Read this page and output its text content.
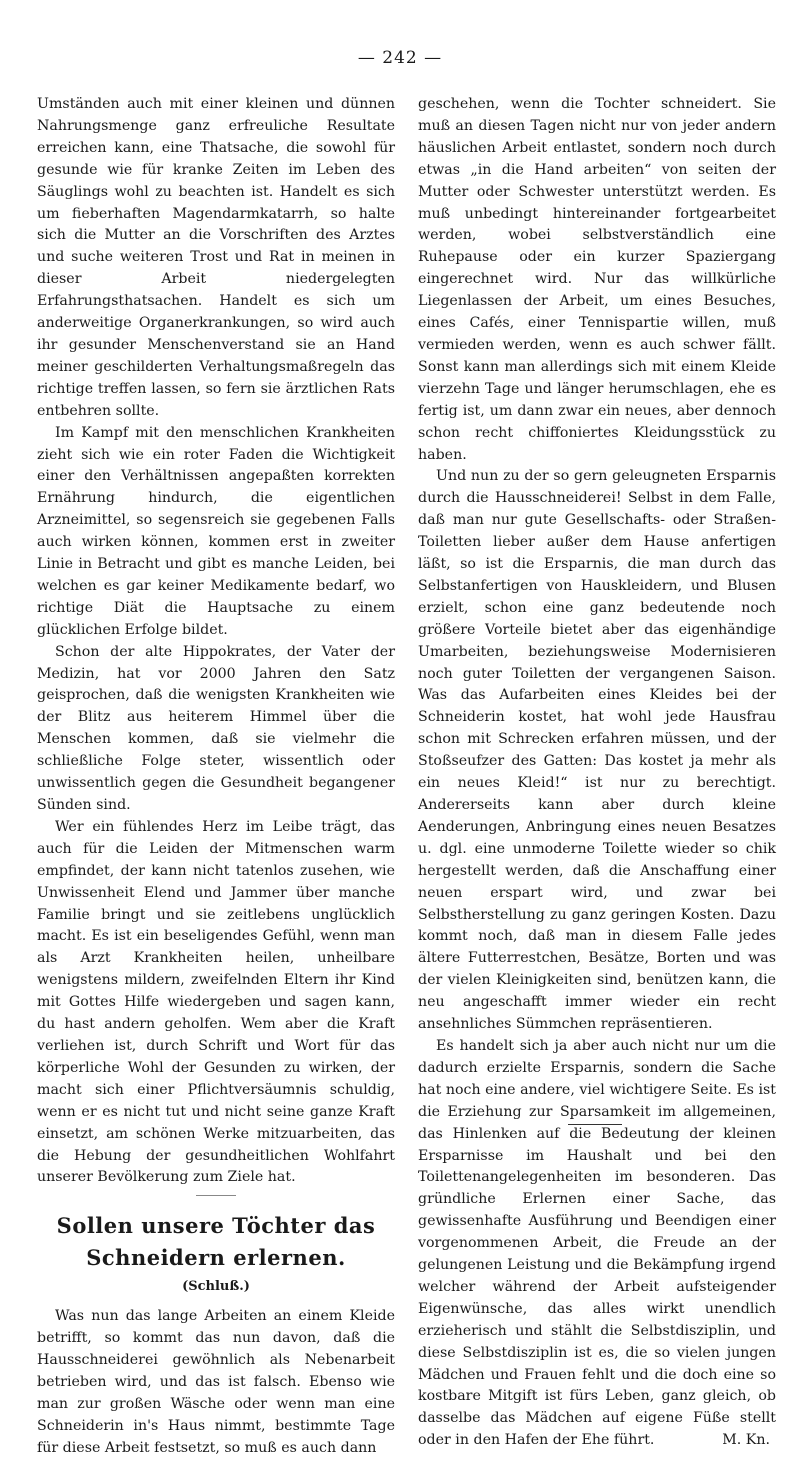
— 242 —

Umständen auch mit einer kleinen und dünnen Nahrungsmenge ganz erfreuliche Resultate erreichen kann, eine Thatsache, die sowohl für gesunde wie für kranke Zeiten im Leben des Säuglings wohl zu beachten ist. Handelt es sich um fieberhaften Magendarmkatarrh, so halte sich die Mutter an die Vorschriften des Arztes und suche weiteren Trost und Rat in meinen in dieser Arbeit niedergelegten Erfahrungsthatsachen. Handelt es sich um anderweitige Organerkrankungen, so wird auch ihr gesunder Menschenverstand sie an Hand meiner geschilderten Verhaltungsmaßregeln das richtige treffen lassen, so fern sie ärztlichen Rats entbehren sollte.

Im Kampf mit den menschlichen Krankheiten zieht sich wie ein roter Faden die Wichtigkeit einer den Verhältnissen angepaßten korrekten Ernährung hindurch, die eigentlichen Arzneimittel, so segensreich sie gegebenen Falls auch wirken können, kommen erst in zweiter Linie in Betracht und gibt es manche Leiden, bei welchen es gar keiner Medikamente bedarf, wo richtige Diät die Hauptsache zu einem glücklichen Erfolge bildet.

Schon der alte Hippokrates, der Vater der Medizin, hat vor 2000 Jahren den Satz geisprochen, daß die wenigsten Krankheiten wie der Blitz aus heiterem Himmel über die Menschen kommen, daß sie vielmehr die schließliche Folge steter, wissentlich oder unwissentlich gegen die Gesundheit begangener Sünden sind.

Wer ein fühlendes Herz im Leibe trägt, das auch für die Leiden der Mitmenschen warm empfindet, der kann nicht tatenlos zusehen, wie Unwissenheit Elend und Jammer über manche Familie bringt und sie zeitlebens unglücklich macht. Es ist ein beseligendes Gefühl, wenn man als Arzt Krankheiten heilen, unheilbare wenigstens mildern, zweifelnden Eltern ihr Kind mit Gottes Hilfe wiedergeben und sagen kann, du hast andern geholfen. Wem aber die Kraft verliehen ist, durch Schrift und Wort für das körperliche Wohl der Gesunden zu wirken, der macht sich einer Pflichtversäumnis schuldig, wenn er es nicht tut und nicht seine ganze Kraft einsetzt, am schönen Werke mitzuarbeiten, das die Hebung der gesundheitlichen Wohlfahrt unserer Bevölkerung zum Ziele hat.

Sollen unsere Töchter das Schneidern erlernen.
(Schluß.)

Was nun das lange Arbeiten an einem Kleide betrifft, so kommt das nun davon, daß die Hausschneiderei gewöhnlich als Nebenarbeit betrieben wird, und das ist falsch. Ebenso wie man zur großen Wäsche oder wenn man eine Schneiderin in's Haus nimmt, bestimmte Tage für diese Arbeit festsetzt, so muß es auch dann

geschehen, wenn die Tochter schneidert. Sie muß an diesen Tagen nicht nur von jeder andern häuslichen Arbeit entlastet, sondern noch durch etwas „in die Hand arbeiten“ von seiten der Mutter oder Schwester unterstützt werden. Es muß unbedingt hintereinander fortgearbeitet werden, wobei selbstverständlich eine Ruhepause oder ein kurzer Spaziergang eingerechnet wird. Nur das willkürliche Liegenlassen der Arbeit, um eines Besuches, eines Cafés, einer Tennispartie willen, muß vermieden werden, wenn es auch schwer fällt. Sonst kann man allerdings sich mit einem Kleide vierzehn Tage und länger herumschlagen, ehe es fertig ist, um dann zwar ein neues, aber dennoch schon recht chiffoniertes Kleidungsstück zu haben.

Und nun zu der so gern geleugneten Ersparnis durch die Hausschneiderei! Selbst in dem Falle, daß man nur gute Gesellschafts- oder Straßen-Toiletten lieber außer dem Hause anfertigen läßt, so ist die Ersparnis, die man durch das Selbstanfertigen von Hauskleidern, und Blusen erzielt, schon eine ganz bedeutende noch größere Vorteile bietet aber das eigenhändige Umarbeiten, beziehungsweise Modernisieren noch guter Toiletten der vergangenen Saison. Was das Aufarbeiten eines Kleides bei der Schneiderin kostet, hat wohl jede Hausfrau schon mit Schrecken erfahren müssen, und der Stoßseufzer des Gatten: Das kostet ja mehr als ein neues Kleid!“ ist nur zu berechtigt. Andererseits kann aber durch kleine Aenderungen, Anbringung eines neuen Besatzes u. dgl. eine unmoderne Toilette wieder so chik hergestellt werden, daß die Anschaffung einer neuen erspart wird, und zwar bei Selbstherstellung zu ganz geringen Kosten. Dazu kommt noch, daß man in diesem Falle jedes ältere Futterrestchen, Besätze, Borten und was der vielen Kleinigkeiten sind, benützen kann, die neu angeschafft immer wieder ein recht ansehnliches Sümmchen repräsentieren.

Es handelt sich ja aber auch nicht nur um die dadurch erzielte Ersparnis, sondern die Sache hat noch eine andere, viel wichtigere Seite. Es ist die Erziehung zur Sparsamkeit im allgemeinen, das Hinlenken auf die Bedeutung der kleinen Ersparnisse im Haushalt und bei den Toilettenangelegenheiten im besonderen. Das gründliche Erlernen einer Sache, das gewissenhafte Ausführung und Beendigen einer vorgenommenen Arbeit, die Freude an der gelungenen Leistung und die Bekämpfung irgend welcher während der Arbeit aufsteigender Eigenwünsche, das alles wirkt unendlich erzieherisch und stählt die Selbstdisziplin, und diese Selbstdisziplin ist es, die so vielen jungen Mädchen und Frauen fehlt und die doch eine so kostbare Mitgift ist fürs Leben, ganz gleich, ob dasselbe das Mädchen auf eigene Füße stellt oder in den Hafen der Ehe führt.	M. Kn.
